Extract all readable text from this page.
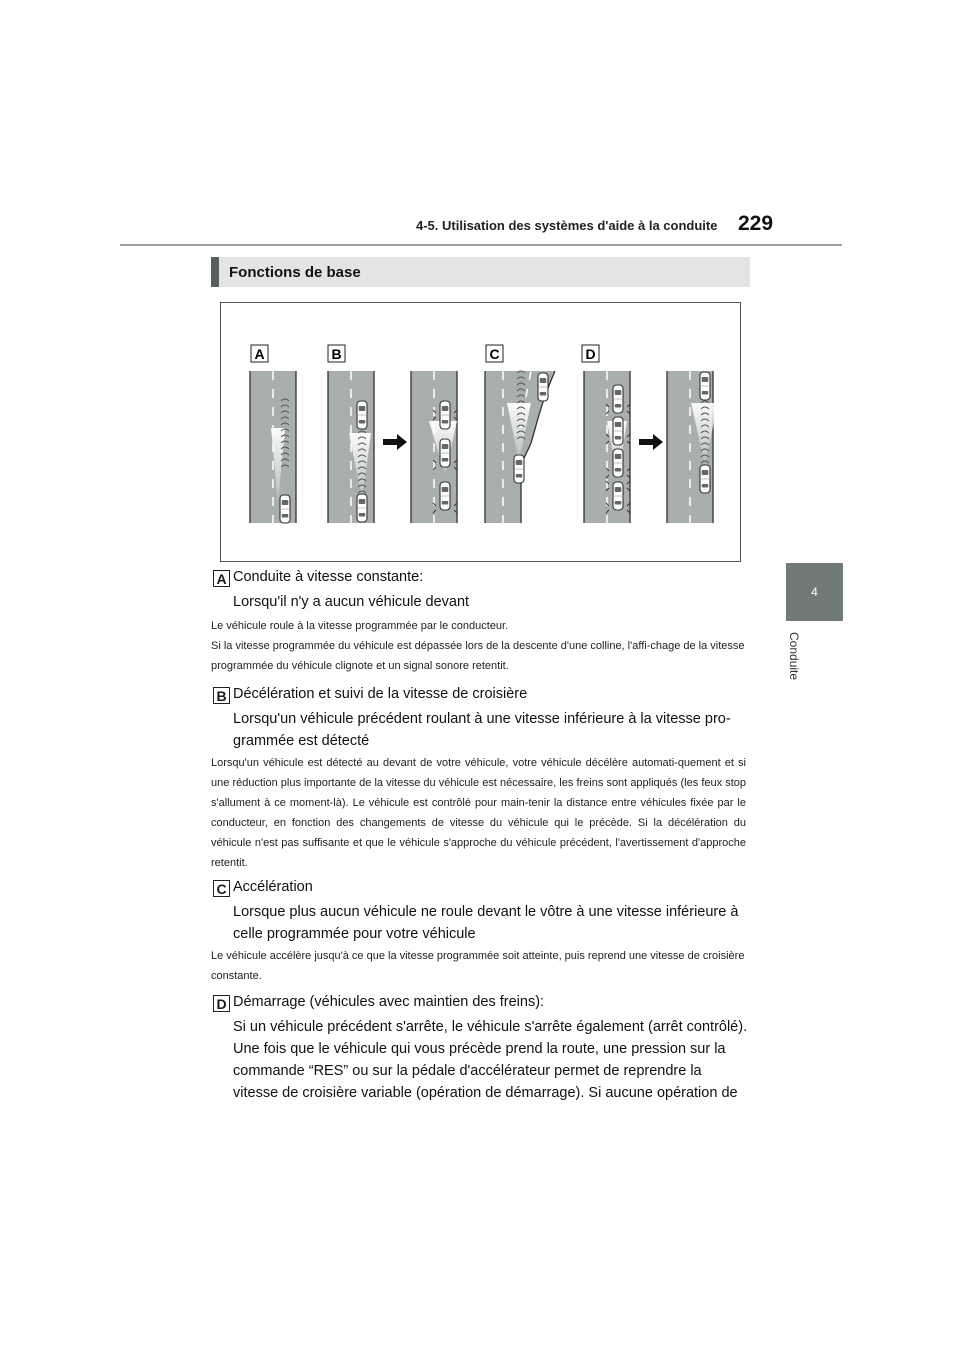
4-5. Utilisation des systèmes d'aide à la conduite 229
4
Conduite
Fonctions de base
A	B	C	D
A Conduite à vitesse constante:
Lorsqu'il n'y a aucun véhicule devant
Le véhicule roule à la vitesse programmée par le conducteur.
Si la vitesse programmée du véhicule est dépassée lors de la descente d'une colline, l'affi-chage de la vitesse programmée du véhicule clignote et un signal sonore retentit.
B Décélération et suivi de la vitesse de croisière
Lorsqu'un véhicule précédent roulant à une vitesse inférieure à la vitesse pro-grammée est détecté
Lorsqu'un véhicule est détecté au devant de votre véhicule, votre véhicule décélère automati-quement et si une réduction plus importante de la vitesse du véhicule est nécessaire, les freins sont appliqués (les feux stop s'allument à ce moment-là). Le véhicule est contrôlé pour main-tenir la distance entre véhicules fixée par le conducteur, en fonction des changements de vitesse du véhicule qui le précède. Si la décélération du véhicule n'est pas suffisante et que le véhicule s'approche du véhicule précédent, l'avertissement d'approche retentit.
C Accélération
Lorsque plus aucun véhicule ne roule devant le vôtre à une vitesse inférieure à celle programmée pour votre véhicule
Le véhicule accélère jusqu'à ce que la vitesse programmée soit atteinte, puis reprend une vitesse de croisière constante.
D Démarrage (véhicules avec maintien des freins):
Si un véhicule précédent s'arrête, le véhicule s'arrête également (arrêt contrôlé). Une fois que le véhicule qui vous précède prend la route, une pression sur la commande “RES” ou sur la pédale d'accélérateur permet de reprendre la vitesse de croisière variable (opération de démarrage). Si aucune opération de
